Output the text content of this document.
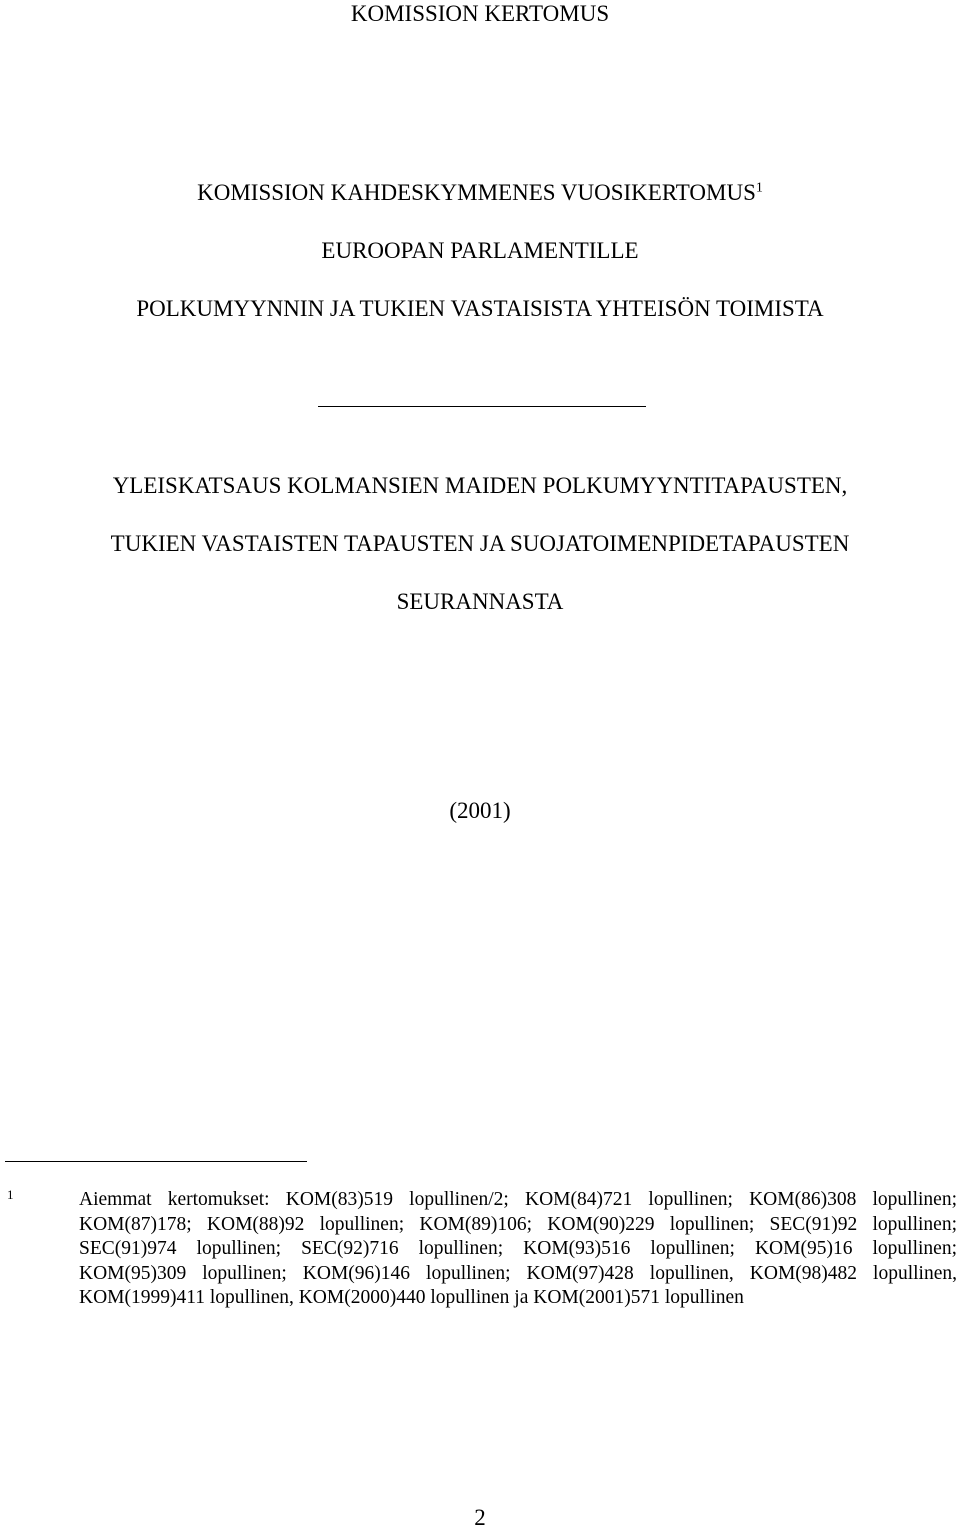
KOMISSION KERTOMUS
KOMISSION KAHDESKYMMENES VUOSIKERTOMUS$^1$
EUROOPAN PARLAMENTILLE
POLKUMYYNNIN JA TUKIEN VASTAISISTA YHTEISÖN TOIMISTA
YLEISKATSAUS KOLMANSIEN MAIDEN POLKUMYYNTITAPAUSTEN,
TUKIEN VASTAISTEN TAPAUSTEN JA SUOJATOIMENPIDETAPAUSTEN
SEURANNASTA
(2001)
1	Aiemmat kertomukset: KOM(83)519 lopullinen/2; KOM(84)721 lopullinen; KOM(86)308 lopullinen; KOM(87)178; KOM(88)92 lopullinen; KOM(89)106; KOM(90)229 lopullinen; SEC(91)92 lopullinen; SEC(91)974 lopullinen; SEC(92)716 lopullinen; KOM(93)516 lopullinen; KOM(95)16 lopullinen; KOM(95)309 lopullinen; KOM(96)146 lopullinen; KOM(97)428 lopullinen, KOM(98)482 lopullinen, KOM(1999)411 lopullinen, KOM(2000)440 lopullinen ja KOM(2001)571 lopullinen
2
